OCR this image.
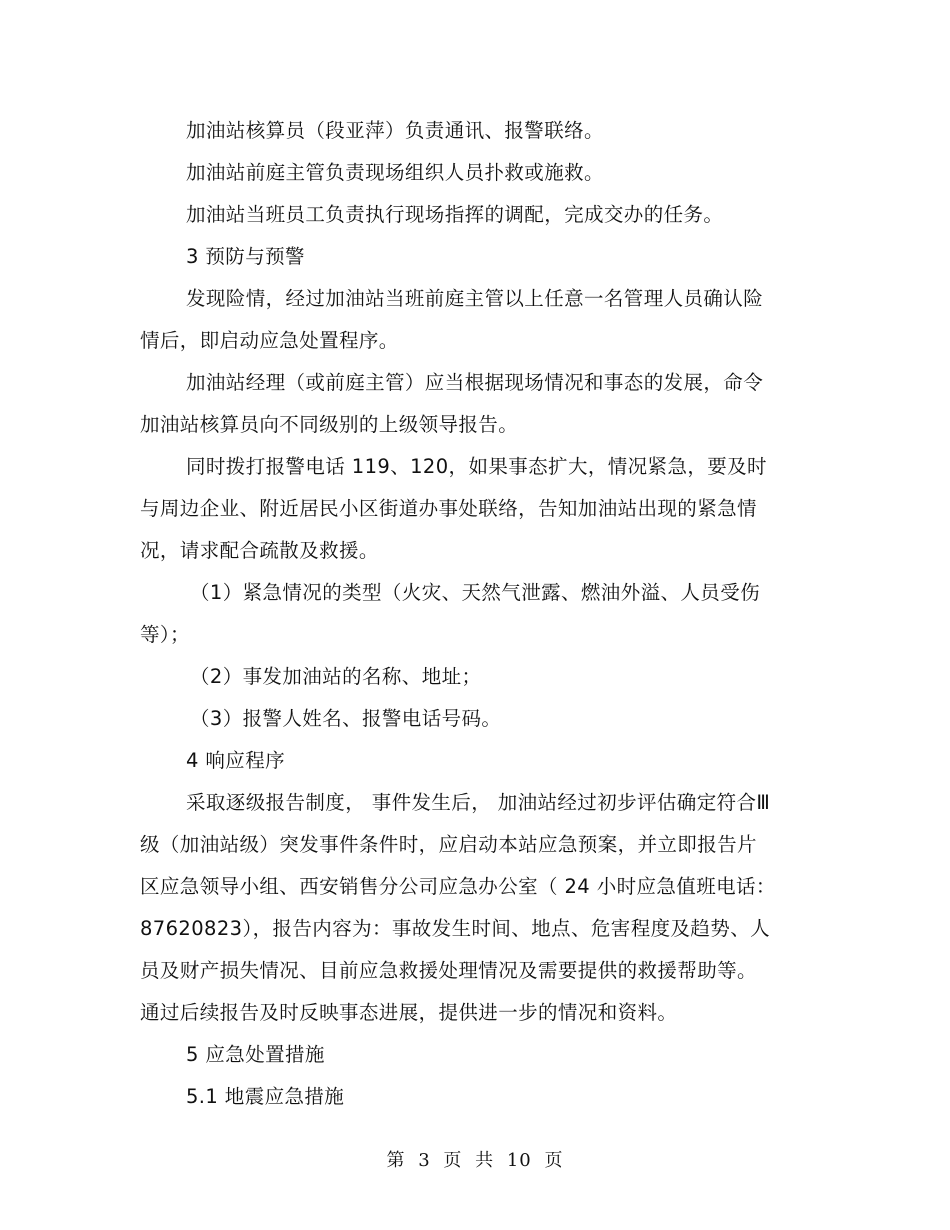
加油站核算员（段亚萍）负责通讯、报警联络。

加油站前庭主管负责现场组织人员扑救或施救。

加油站当班员工负责执行现场指挥的调配，完成交办的任务。

3 预防与预警

发现险情，经过加油站当班前庭主管以上任意一名管理人员确认险

情后，即启动应急处置程序。

加油站经理（或前庭主管）应当根据现场情况和事态的发展，命令

加油站核算员向不同级别的上级领导报告。

同时拨打报警电话 119、120，如果事态扩大，情况紧急，要及时

与周边企业、附近居民小区街道办事处联络，告知加油站出现的紧急情

况，请求配合疏散及救援。

（1）紧急情况的类型（火灾、天然气泄露、燃油外溢、人员受伤

等）；

（2）事发加油站的名称、地址；

（3）报警人姓名、报警电话号码。

4 响应程序

采取逐级报告制度， 事件发生后， 加油站经过初步评估确定符合Ⅲ

级（加油站级）突发事件条件时，应启动本站应急预案，并立即报告片

区应急领导小组、西安销售分公司应急办公室（ 24 小时应急值班电话：

87620823），报告内容为：事故发生时间、地点、危害程度及趋势、人

员及财产损失情况、目前应急救援处理情况及需要提供的救援帮助等。

通过后续报告及时反映事态进展，提供进一步的情况和资料。

5 应急处置措施

5.1 地震应急措施

第 3 页 共 10 页
